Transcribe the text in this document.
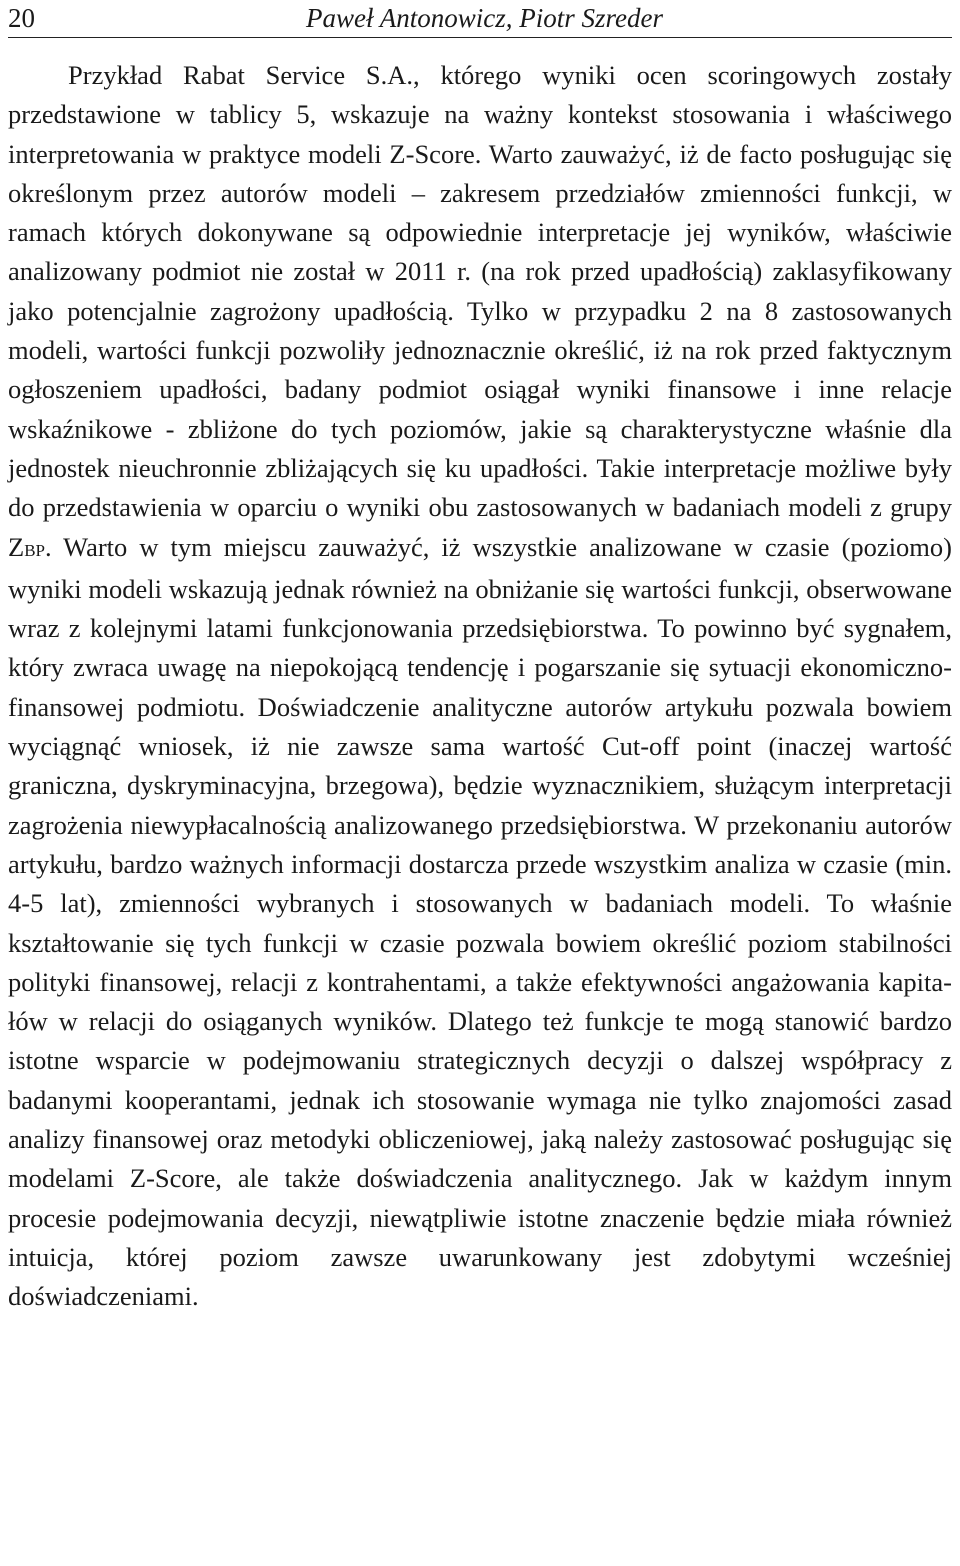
20	Paweł Antonowicz, Piotr Szreder

Przykład Rabat Service S.A., którego wyniki ocen scoringowych zostały przedstawione w tablicy 5, wskazuje na ważny kontekst stosowania i właściwego interpretowania w praktyce modeli Z-Score. Warto zauważyć, iż de facto posługując się określonym przez autorów modeli – zakresem przedziałów zmienności funkcji, w ramach których dokonywane są odpowiednie interpretacje jej wyników, właściwie analizowany podmiot nie został w 2011 r. (na rok przed upadłością) zaklasyfikowany jako potencjalnie zagrożony upadłością. Tylko w przypadku 2 na 8 zastosowanych modeli, wartości funkcji pozwoliły jednoznacznie określić, iż na rok przed faktycznym ogłoszeniem upadłości, badany podmiot osiągał wyniki finansowe i inne relacje wskaźnikowe - zbliżone do tych poziomów, jakie są charakterystyczne właśnie dla jednostek nieuchronnie zbliżających się ku upadłości. Takie interpretacje możliwe były do przedstawienia w oparciu o wyniki obu zastosowanych w badaniach modeli z grupy ZBP. Warto w tym miejscu zauważyć, iż wszystkie analizowane w czasie (poziomo) wyniki modeli wskazują jednak również na obniżanie się wartości funkcji, obserwowane wraz z kolejnymi latami funkcjonowania przedsiębiorstwa. To powinno być sygnałem, który zwraca uwagę na niepokojącą tendencję i pogarszanie się sytuacji ekonomiczno-finansowej podmiotu. Doświadczenie analityczne autorów artykułu pozwala bowiem wyciągnąć wniosek, iż nie zawsze sama wartość Cut-off point (inaczej wartość graniczna, dyskryminacyjna, brzegowa), będzie wyznacznikiem, służącym interpretacji zagrożenia niewypłacalnością analizowanego przedsiębiorstwa. W przekonaniu autorów artykułu, bardzo ważnych informacji dostarcza przede wszystkim analiza w czasie (min. 4-5 lat), zmienności wybranych i stosowanych w badaniach modeli. To właśnie kształtowanie się tych funkcji w czasie pozwala bowiem określić poziom stabilności polityki finansowej, relacji z kontrahentami, a także efektywności angażowania kapitałów w relacji do osiąganych wyników. Dlatego też funkcje te mogą stanowić bardzo istotne wsparcie w podejmowaniu strategicznych decyzji o dalszej współpracy z badanymi kooperantami, jednak ich stosowanie wymaga nie tylko znajomości zasad analizy finansowej oraz metodyki obliczeniowej, jaką należy zastosować posługując się modelami Z-Score, ale także doświadczenia analitycznego. Jak w każdym innym procesie podejmowania decyzji, niewątpliwie istotne znaczenie będzie miała również intuicja, której poziom zawsze uwarunkowany jest zdobytymi wcześniej doświadczeniami.
